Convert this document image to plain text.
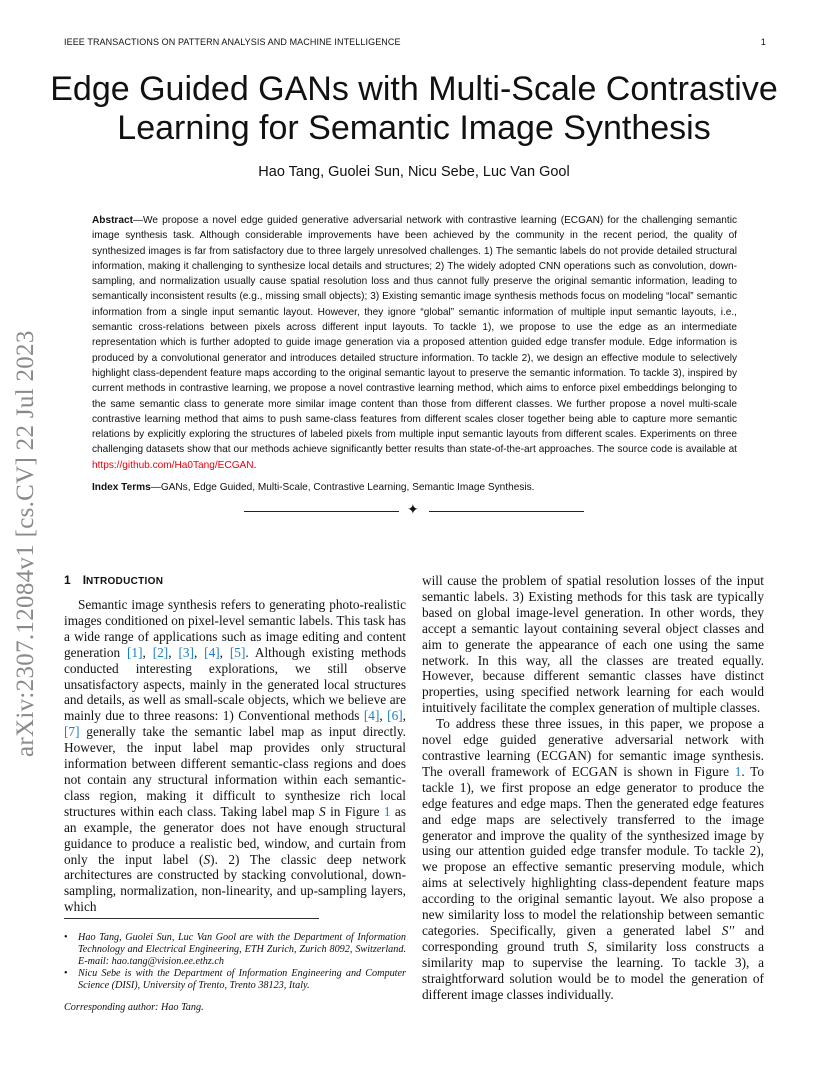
IEEE TRANSACTIONS ON PATTERN ANALYSIS AND MACHINE INTELLIGENCE	1
arXiv:2307.12084v1 [cs.CV] 22 Jul 2023
Edge Guided GANs with Multi-Scale Contrastive Learning for Semantic Image Synthesis
Hao Tang, Guolei Sun, Nicu Sebe, Luc Van Gool
Abstract—We propose a novel edge guided generative adversarial network with contrastive learning (ECGAN) for the challenging semantic image synthesis task. Although considerable improvements have been achieved by the community in the recent period, the quality of synthesized images is far from satisfactory due to three largely unresolved challenges. 1) The semantic labels do not provide detailed structural information, making it challenging to synthesize local details and structures; 2) The widely adopted CNN operations such as convolution, down-sampling, and normalization usually cause spatial resolution loss and thus cannot fully preserve the original semantic information, leading to semantically inconsistent results (e.g., missing small objects); 3) Existing semantic image synthesis methods focus on modeling “local” semantic information from a single input semantic layout. However, they ignore “global” semantic information of multiple input semantic layouts, i.e., semantic cross-relations between pixels across different input layouts. To tackle 1), we propose to use the edge as an intermediate representation which is further adopted to guide image generation via a proposed attention guided edge transfer module. Edge information is produced by a convolutional generator and introduces detailed structure information. To tackle 2), we design an effective module to selectively highlight class-dependent feature maps according to the original semantic layout to preserve the semantic information. To tackle 3), inspired by current methods in contrastive learning, we propose a novel contrastive learning method, which aims to enforce pixel embeddings belonging to the same semantic class to generate more similar image content than those from different classes. We further propose a novel multi-scale contrastive learning method that aims to push same-class features from different scales closer together being able to capture more semantic relations by explicitly exploring the structures of labeled pixels from multiple input semantic layouts from different scales. Experiments on three challenging datasets show that our methods achieve significantly better results than state-of-the-art approaches. The source code is available at https://github.com/Ha0Tang/ECGAN.
Index Terms—GANs, Edge Guided, Multi-Scale, Contrastive Learning, Semantic Image Synthesis.
✦
1 INTRODUCTION

Semantic image synthesis refers to generating photo-realistic images conditioned on pixel-level semantic labels. This task has a wide range of applications such as image editing and content generation [1], [2], [3], [4], [5]. Although existing methods conducted interesting explorations, we still observe unsatisfactory aspects, mainly in the generated local structures and details, as well as small-scale objects, which we believe are mainly due to three reasons: 1) Conventional methods [4], [6], [7] generally take the semantic label map as input directly. However, the input label map provides only structural information between different semantic-class regions and does not contain any structural information within each semantic-class region, making it difficult to synthesize rich local structures within each class. Taking label map S in Figure 1 as an example, the generator does not have enough structural guidance to produce a realistic bed, window, and curtain from only the input label (S). 2) The classic deep network architectures are constructed by stacking convolutional, down-sampling, normalization, non-linearity, and up-sampling layers, which

will cause the problem of spatial resolution losses of the input semantic labels. 3) Existing methods for this task are typically based on global image-level generation. In other words, they accept a semantic layout containing several object classes and aim to generate the appearance of each one using the same network. In this way, all the classes are treated equally. However, because different semantic classes have distinct properties, using specified network learning for each would intuitively facilitate the complex generation of multiple classes.

To address these three issues, in this paper, we propose a novel edge guided generative adversarial network with contrastive learning (ECGAN) for semantic image synthesis. The overall framework of ECGAN is shown in Figure 1. To tackle 1), we first propose an edge generator to produce the edge features and edge maps. Then the generated edge features and edge maps are selectively transferred to the image generator and improve the quality of the synthesized image by using our attention guided edge transfer module. To tackle 2), we propose an effective semantic preserving module, which aims at selectively highlighting class-dependent feature maps according to the original semantic layout. We also propose a new similarity loss to model the relationship between semantic categories. Specifically, given a generated label S′′ and corresponding ground truth S, similarity loss constructs a similarity map to supervise the learning. To tackle 3), a straightforward solution would be to model the generation of different image classes individually.

• Hao Tang, Guolei Sun, Luc Van Gool are with the Department of Information Technology and Electrical Engineering, ETH Zurich, Zurich 8092, Switzerland. E-mail: hao.tang@vision.ee.ethz.ch
• Nicu Sebe is with the Department of Information Engineering and Computer Science (DISI), University of Trento, Trento 38123, Italy.
Corresponding author: Hao Tang.
